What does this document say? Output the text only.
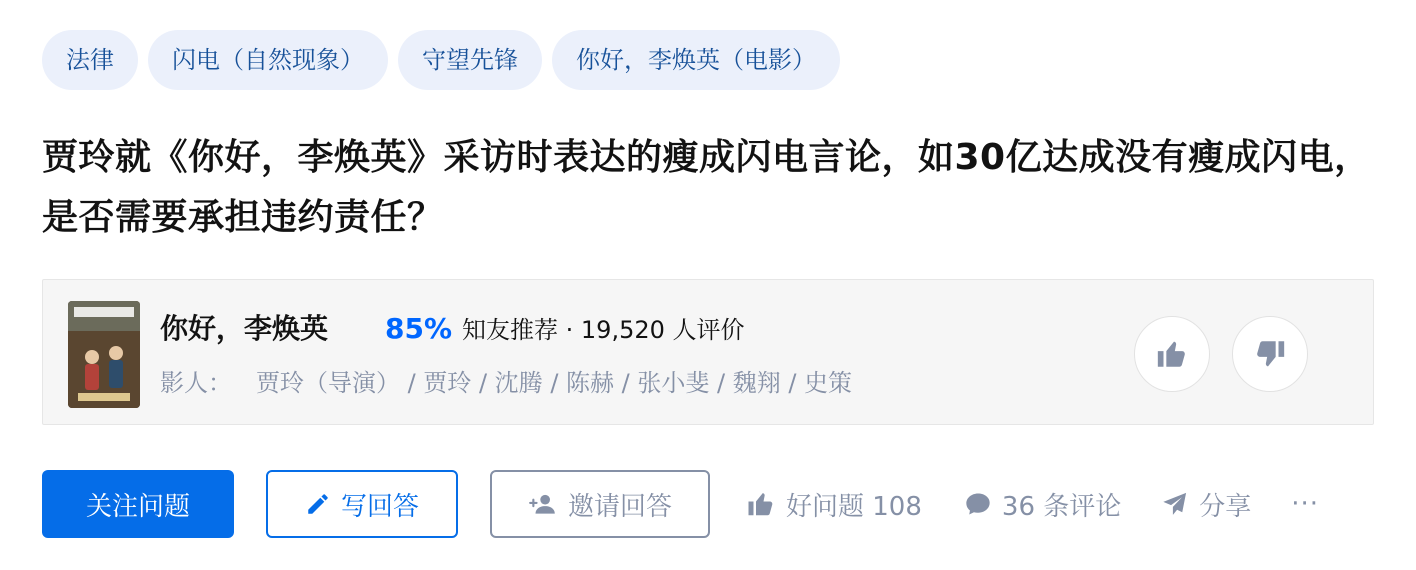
法律	闪电（自然现象）	守望先锋	你好，李焕英（电影）
贾玲就《你好，李焕英》采访时表达的瘦成闪电言论，如30亿达成没有瘦成闪电，是否需要承担违约责任？
你好，李焕英 85% 知友推荐 · 19,520 人评价
影人： 贾玲（导演） / 贾玲 / 沈腾 / 陈赫 / 张小斐 / 魏翔 / 史策
关注问题	写回答	邀请回答	好问题 108	36 条评论	分享 ···
